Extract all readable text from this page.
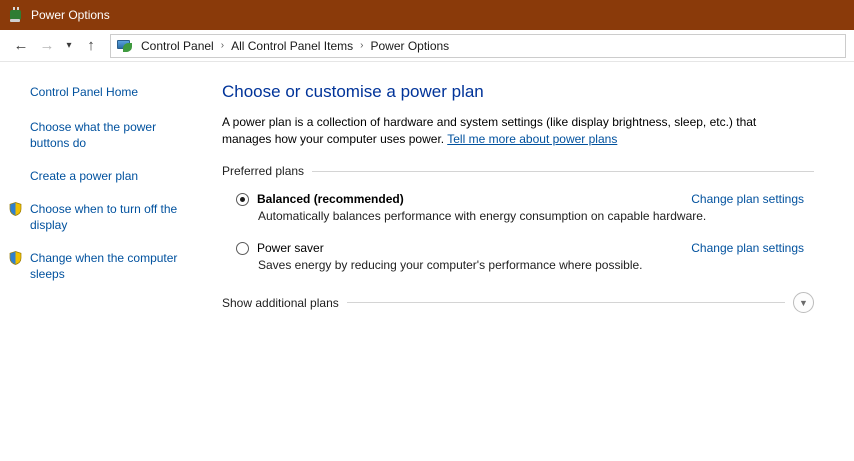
Power Options
← →	▾	↑	Control Panel › All Control Panel Items › Power Options
Control Panel Home
Choose what the power buttons do
Create a power plan
Choose when to turn off the display
Change when the computer sleeps
Choose or customise a power plan
A power plan is a collection of hardware and system settings (like display brightness, sleep, etc.) that manages how your computer uses power. Tell me more about power plans
Preferred plans
Balanced (recommended)	Change plan settings
Automatically balances performance with energy consumption on capable hardware.
Power saver	Change plan settings
Saves energy by reducing your computer's performance where possible.
Show additional plans	▼
